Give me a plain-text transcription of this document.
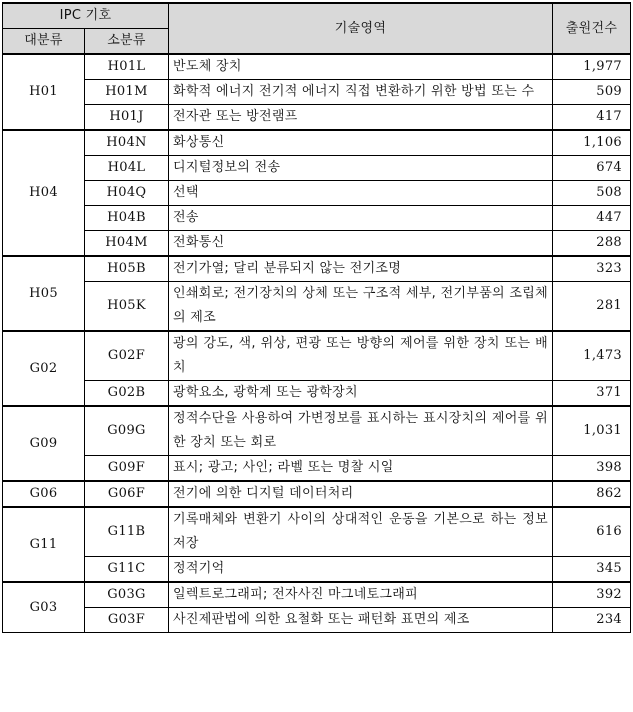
IPC 기호		기술영역	출원건수
대분류	소분류		
H01	H01L	반도체 장치	1,977
	H01M	화학적 에너지 전기적 에너지 직접 변환하기 위한 방법 또는 수	509
	H01J	전자관 또는 방전램프	417
H04	H04N	화상통신	1,106
	H04L	디지털정보의 전송	674
	H04Q	선택	508
	H04B	전송	447
	H04M	전화통신	288
H05	H05B	전기가열; 달리 분류되지 않는 전기조명	323
	H05K	인쇄회로; 전기장치의 상체 또는 구조적 세부, 전기부품의 조립체의 제조	281
G02	G02F	광의 강도, 색, 위상, 편광 또는 방향의 제어를 위한 장치 또는 배치	1,473
	G02B	광학요소, 광학계 또는 광학장치	371
G09	G09G	정적수단을 사용하여 가변정보를 표시하는 표시장치의 제어를 위한 장치 또는 회로	1,031
	G09F	표시; 광고; 사인; 라벨 또는 명찰 시일	398
G06	G06F	전기에 의한 디지털 데이터처리	862
G11	G11B	기록매체와 변환기 사이의 상대적인 운동을 기본으로 하는 정보저장	616
	G11C	정적기억	345
G03	G03G	일렉트로그래피; 전자사진 마그네토그래피	392
	G03F	사진제판법에 의한 요철화 또는 패턴화 표면의 제조	234
